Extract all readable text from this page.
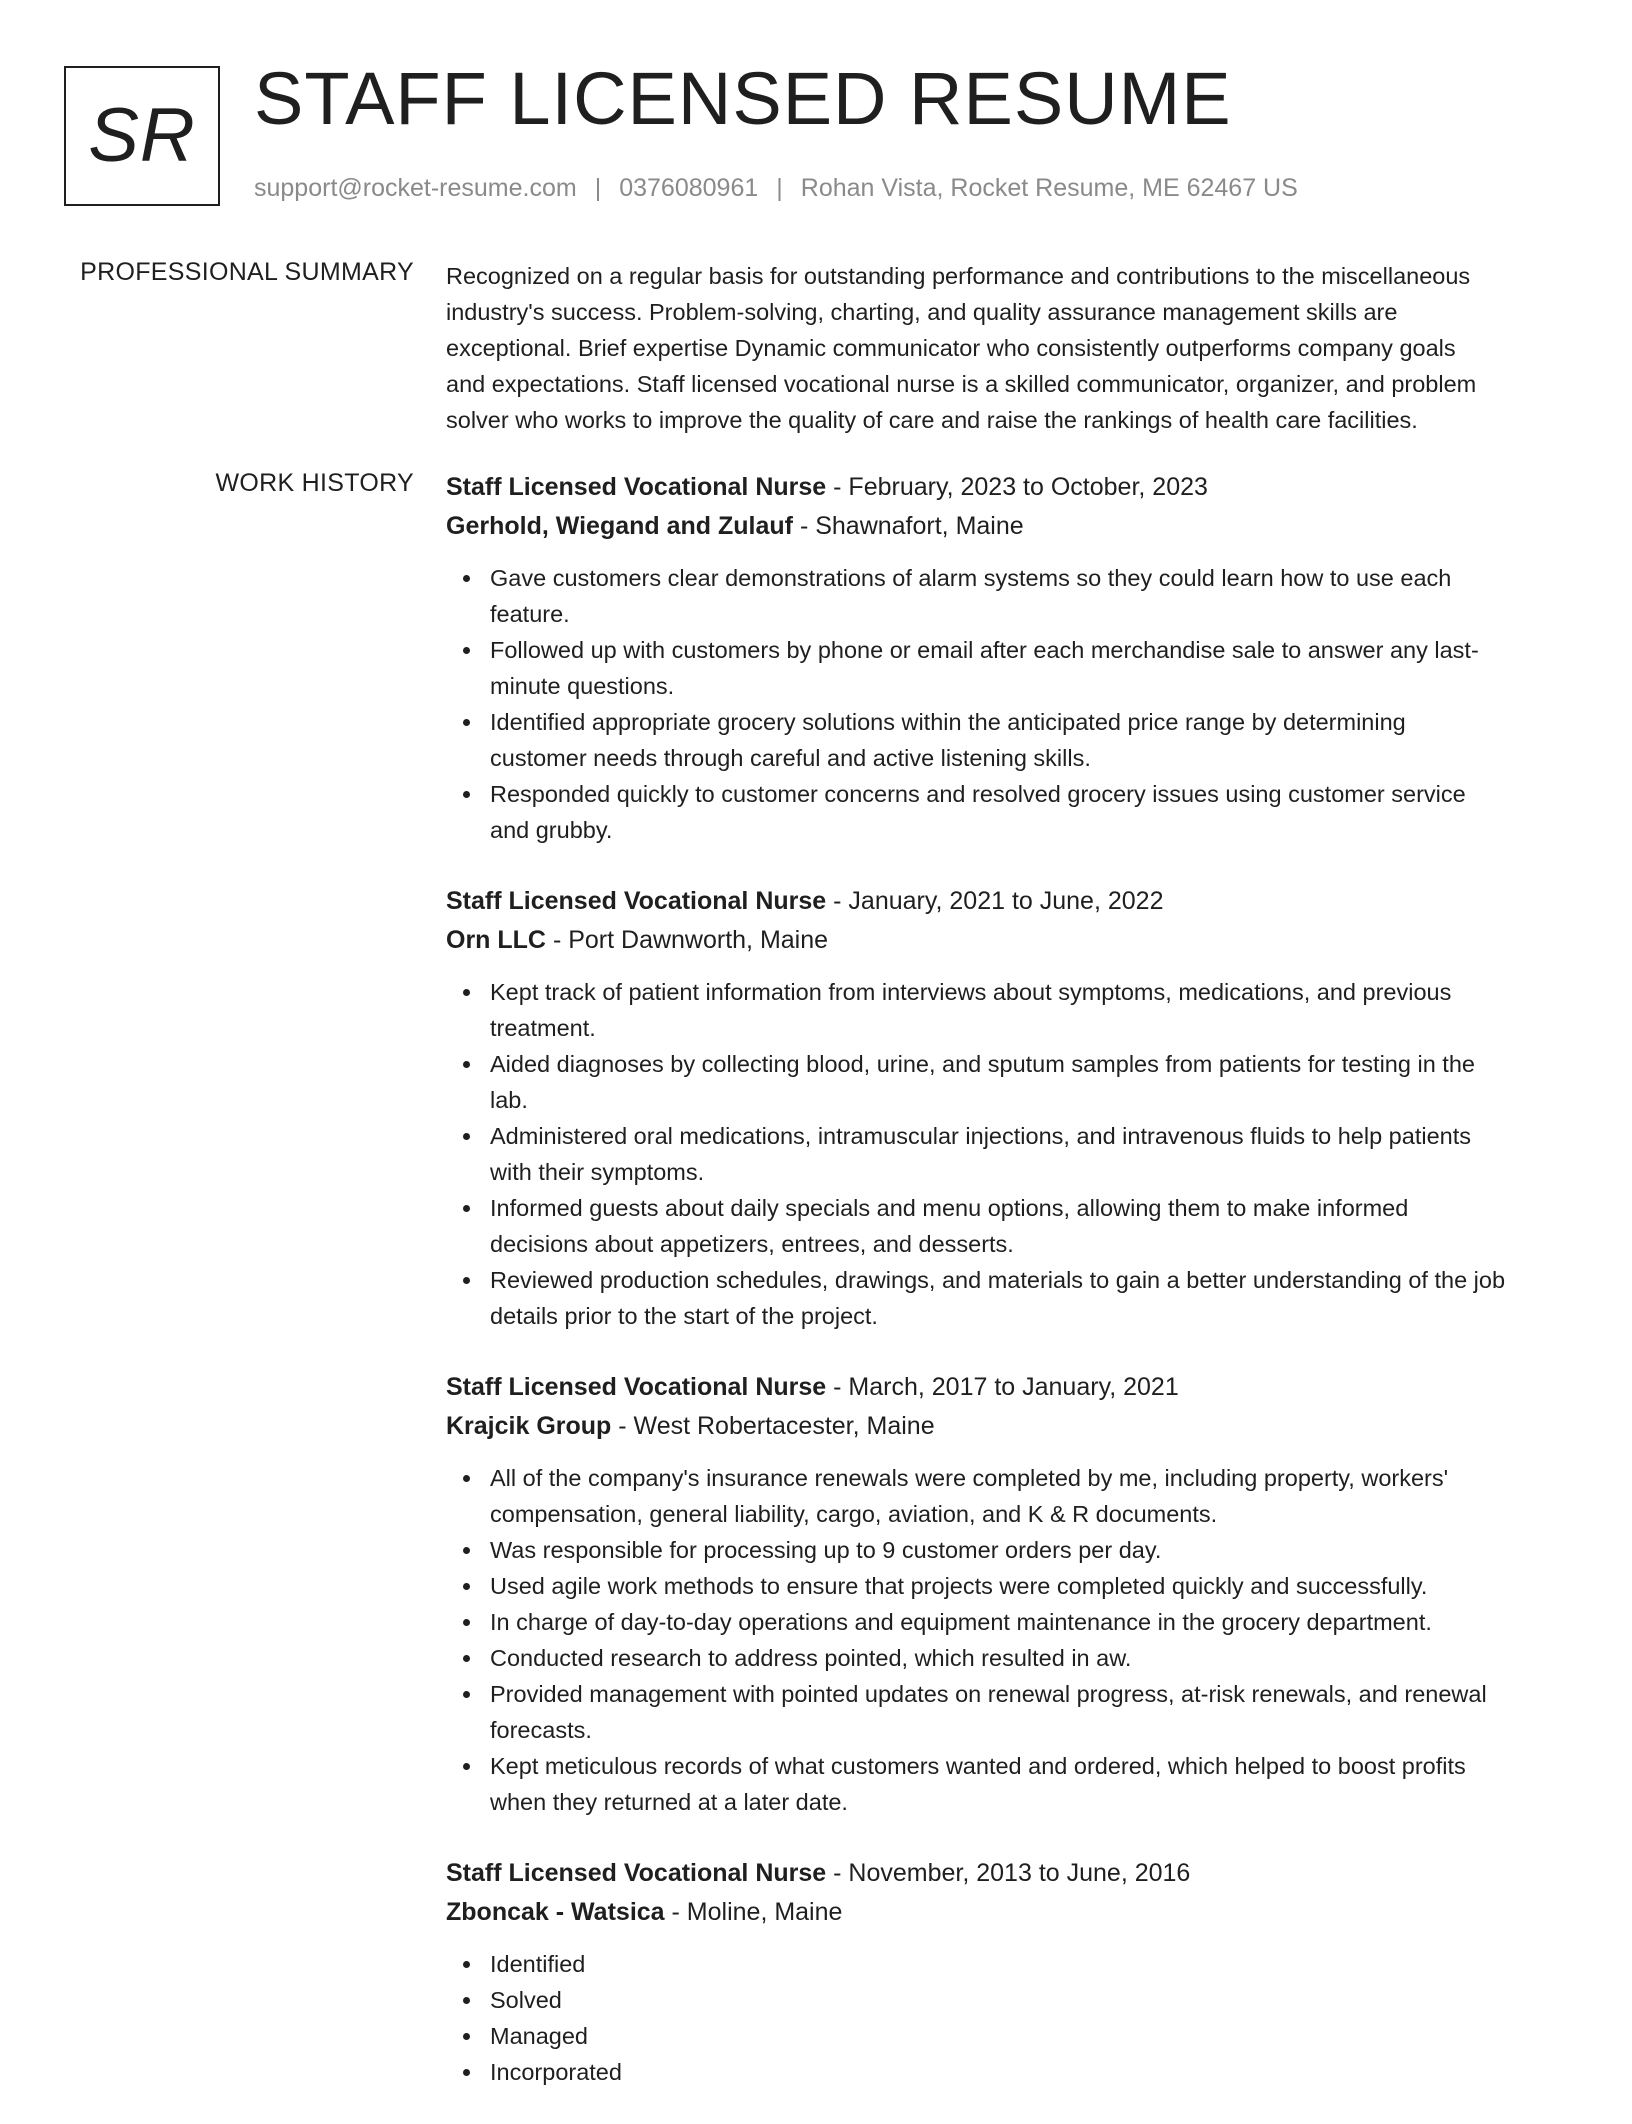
SR STAFF LICENSED RESUME
support@rocket-resume.com | 0376080961 | Rohan Vista, Rocket Resume, ME 62467 US
PROFESSIONAL SUMMARY Recognized on a regular basis for outstanding performance and contributions to the miscellaneous
industry's success. Problem-solving, charting, and quality assurance management skills are
exceptional. Brief expertise Dynamic communicator who consistently outperforms company goals
and expectations. Staff licensed vocational nurse is a skilled communicator, organizer, and problem
solver who works to improve the quality of care and raise the rankings of health care facilities.

WORK HISTORY Staff Licensed Vocational Nurse - February, 2023 to October, 2023
Gerhold, Wiegand and Zulauf - Shawnafort, Maine
Gave customers clear demonstrations of alarm systems so they could learn how to use each
feature.
Followed up with customers by phone or email after each merchandise sale to answer any last-
minute questions.
Identified appropriate grocery solutions within the anticipated price range by determining
customer needs through careful and active listening skills.
Responded quickly to customer concerns and resolved grocery issues using customer service
and grubby.
Staff Licensed Vocational Nurse - January, 2021 to June, 2022
Orn LLC - Port Dawnworth, Maine
Kept track of patient information from interviews about symptoms, medications, and previous
treatment.
Aided diagnoses by collecting blood, urine, and sputum samples from patients for testing in the
lab.
Administered oral medications, intramuscular injections, and intravenous fluids to help patients
with their symptoms.
Informed guests about daily specials and menu options, allowing them to make informed
decisions about appetizers, entrees, and desserts.
Reviewed production schedules, drawings, and materials to gain a better understanding of the job
details prior to the start of the project.
Staff Licensed Vocational Nurse - March, 2017 to January, 2021
Krajcik Group - West Robertacester, Maine
All of the company's insurance renewals were completed by me, including property, workers'
compensation, general liability, cargo, aviation, and K & R documents.
Was responsible for processing up to 9 customer orders per day.
Used agile work methods to ensure that projects were completed quickly and successfully.
In charge of day-to-day operations and equipment maintenance in the grocery department.
Conducted research to address pointed, which resulted in aw.
Provided management with pointed updates on renewal progress, at-risk renewals, and renewal
forecasts.
Kept meticulous records of what customers wanted and ordered, which helped to boost profits
when they returned at a later date.
Staff Licensed Vocational Nurse - November, 2013 to June, 2016
Zboncak - Watsica - Moline, Maine
Identified
Solved
Managed
Incorporated
